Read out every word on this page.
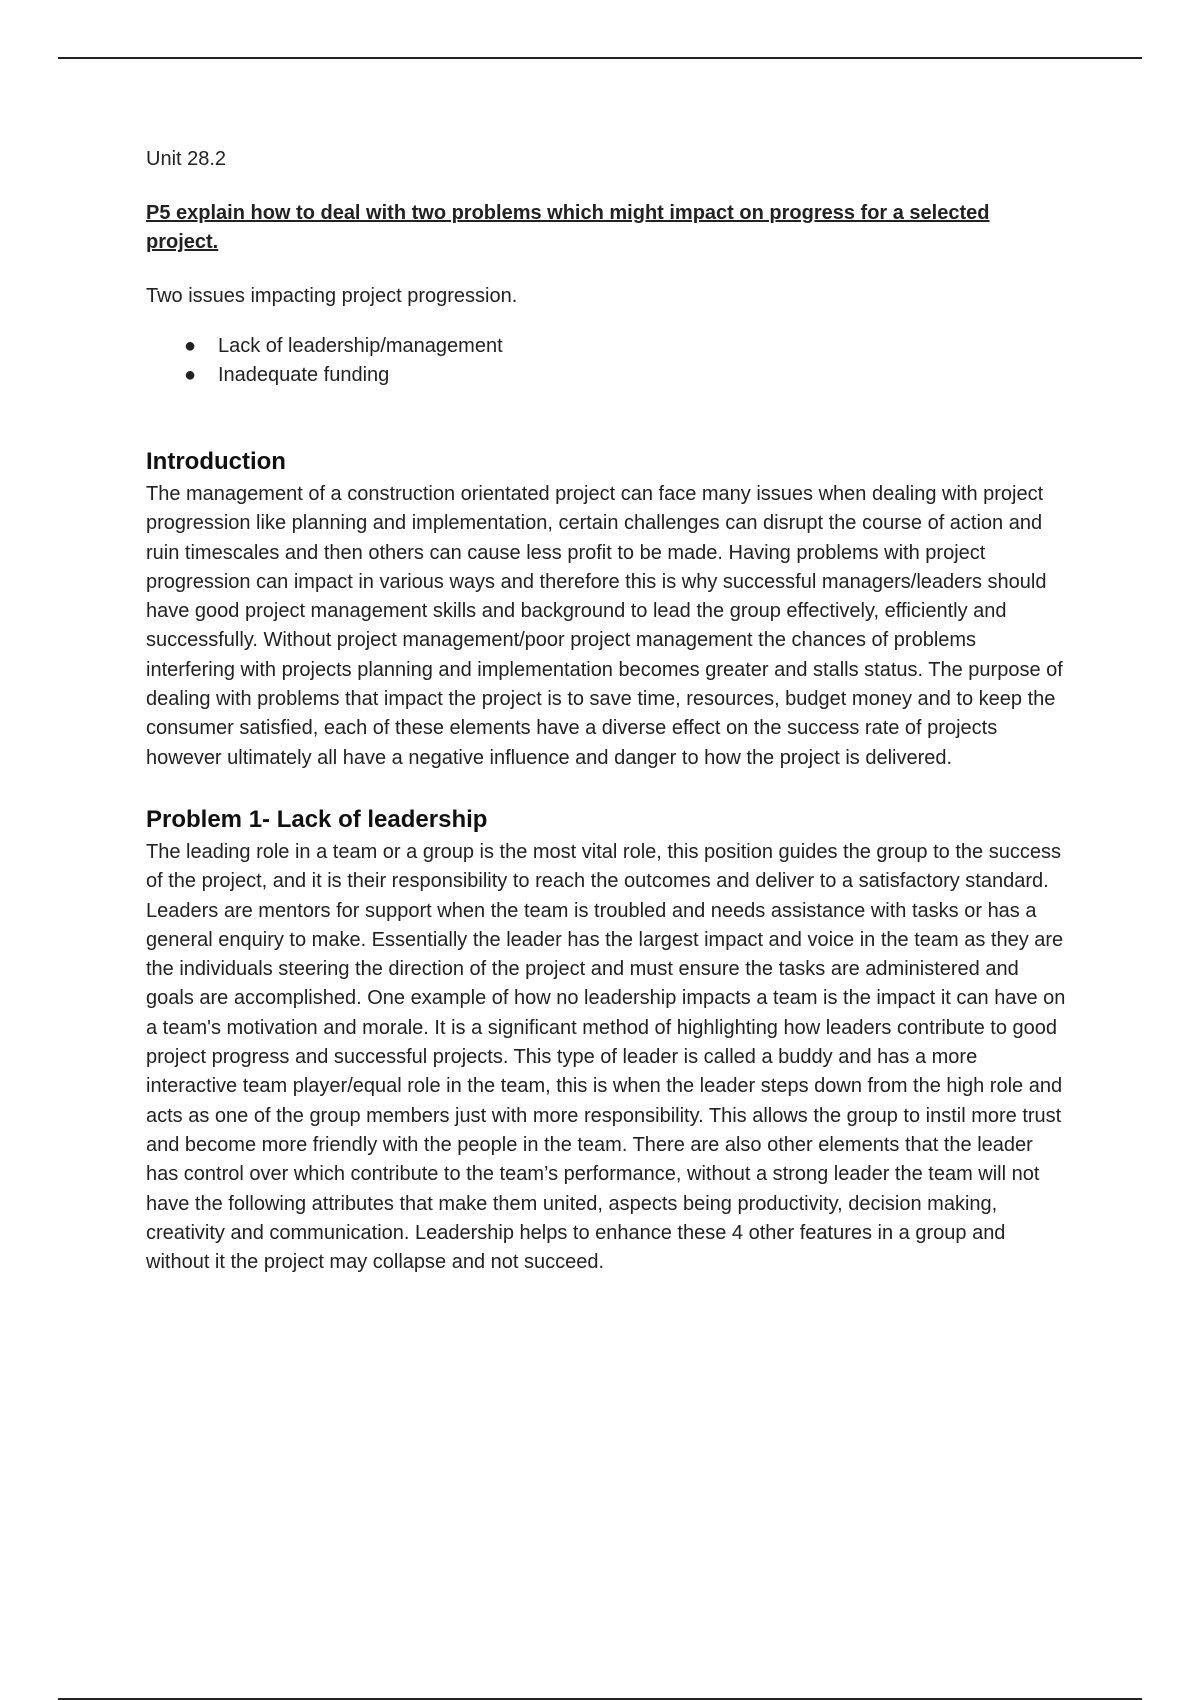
Unit 28.2

P5 explain how to deal with two problems which might impact on progress for a selected project.

Two issues impacting project progression.

● Lack of leadership/management
● Inadequate funding
Introduction

The management of a construction orientated project can face many issues when dealing with project progression like planning and implementation, certain challenges can disrupt the course of action and ruin timescales and then others can cause less profit to be made. Having problems with project progression can impact in various ways and therefore this is why successful managers/leaders should have good project management skills and background to lead the group effectively, efficiently and successfully. Without project management/poor project management the chances of problems interfering with projects planning and implementation becomes greater and stalls status. The purpose of dealing with problems that impact the project is to save time, resources, budget money and to keep the consumer satisfied, each of these elements have a diverse effect on the success rate of projects however ultimately all have a negative influence and danger to how the project is delivered.

Problem 1- Lack of leadership

The leading role in a team or a group is the most vital role, this position guides the group to the success of the project, and it is their responsibility to reach the outcomes and deliver to a satisfactory standard. Leaders are mentors for support when the team is troubled and needs assistance with tasks or has a general enquiry to make. Essentially the leader has the largest impact and voice in the team as they are the individuals steering the direction of the project and must ensure the tasks are administered and goals are accomplished. One example of how no leadership impacts a team is the impact it can have on a team's motivation and morale. It is a significant method of highlighting how leaders contribute to good project progress and successful projects. This type of leader is called a buddy and has a more interactive team player/equal role in the team, this is when the leader steps down from the high role and acts as one of the group members just with more responsibility. This allows the group to instil more trust and become more friendly with the people in the team. There are also other elements that the leader has control over which contribute to the team’s performance, without a strong leader the team will not have the following attributes that make them united, aspects being productivity, decision making, creativity and communication. Leadership helps to enhance these 4 other features in a group and without it the project may collapse and not succeed.
